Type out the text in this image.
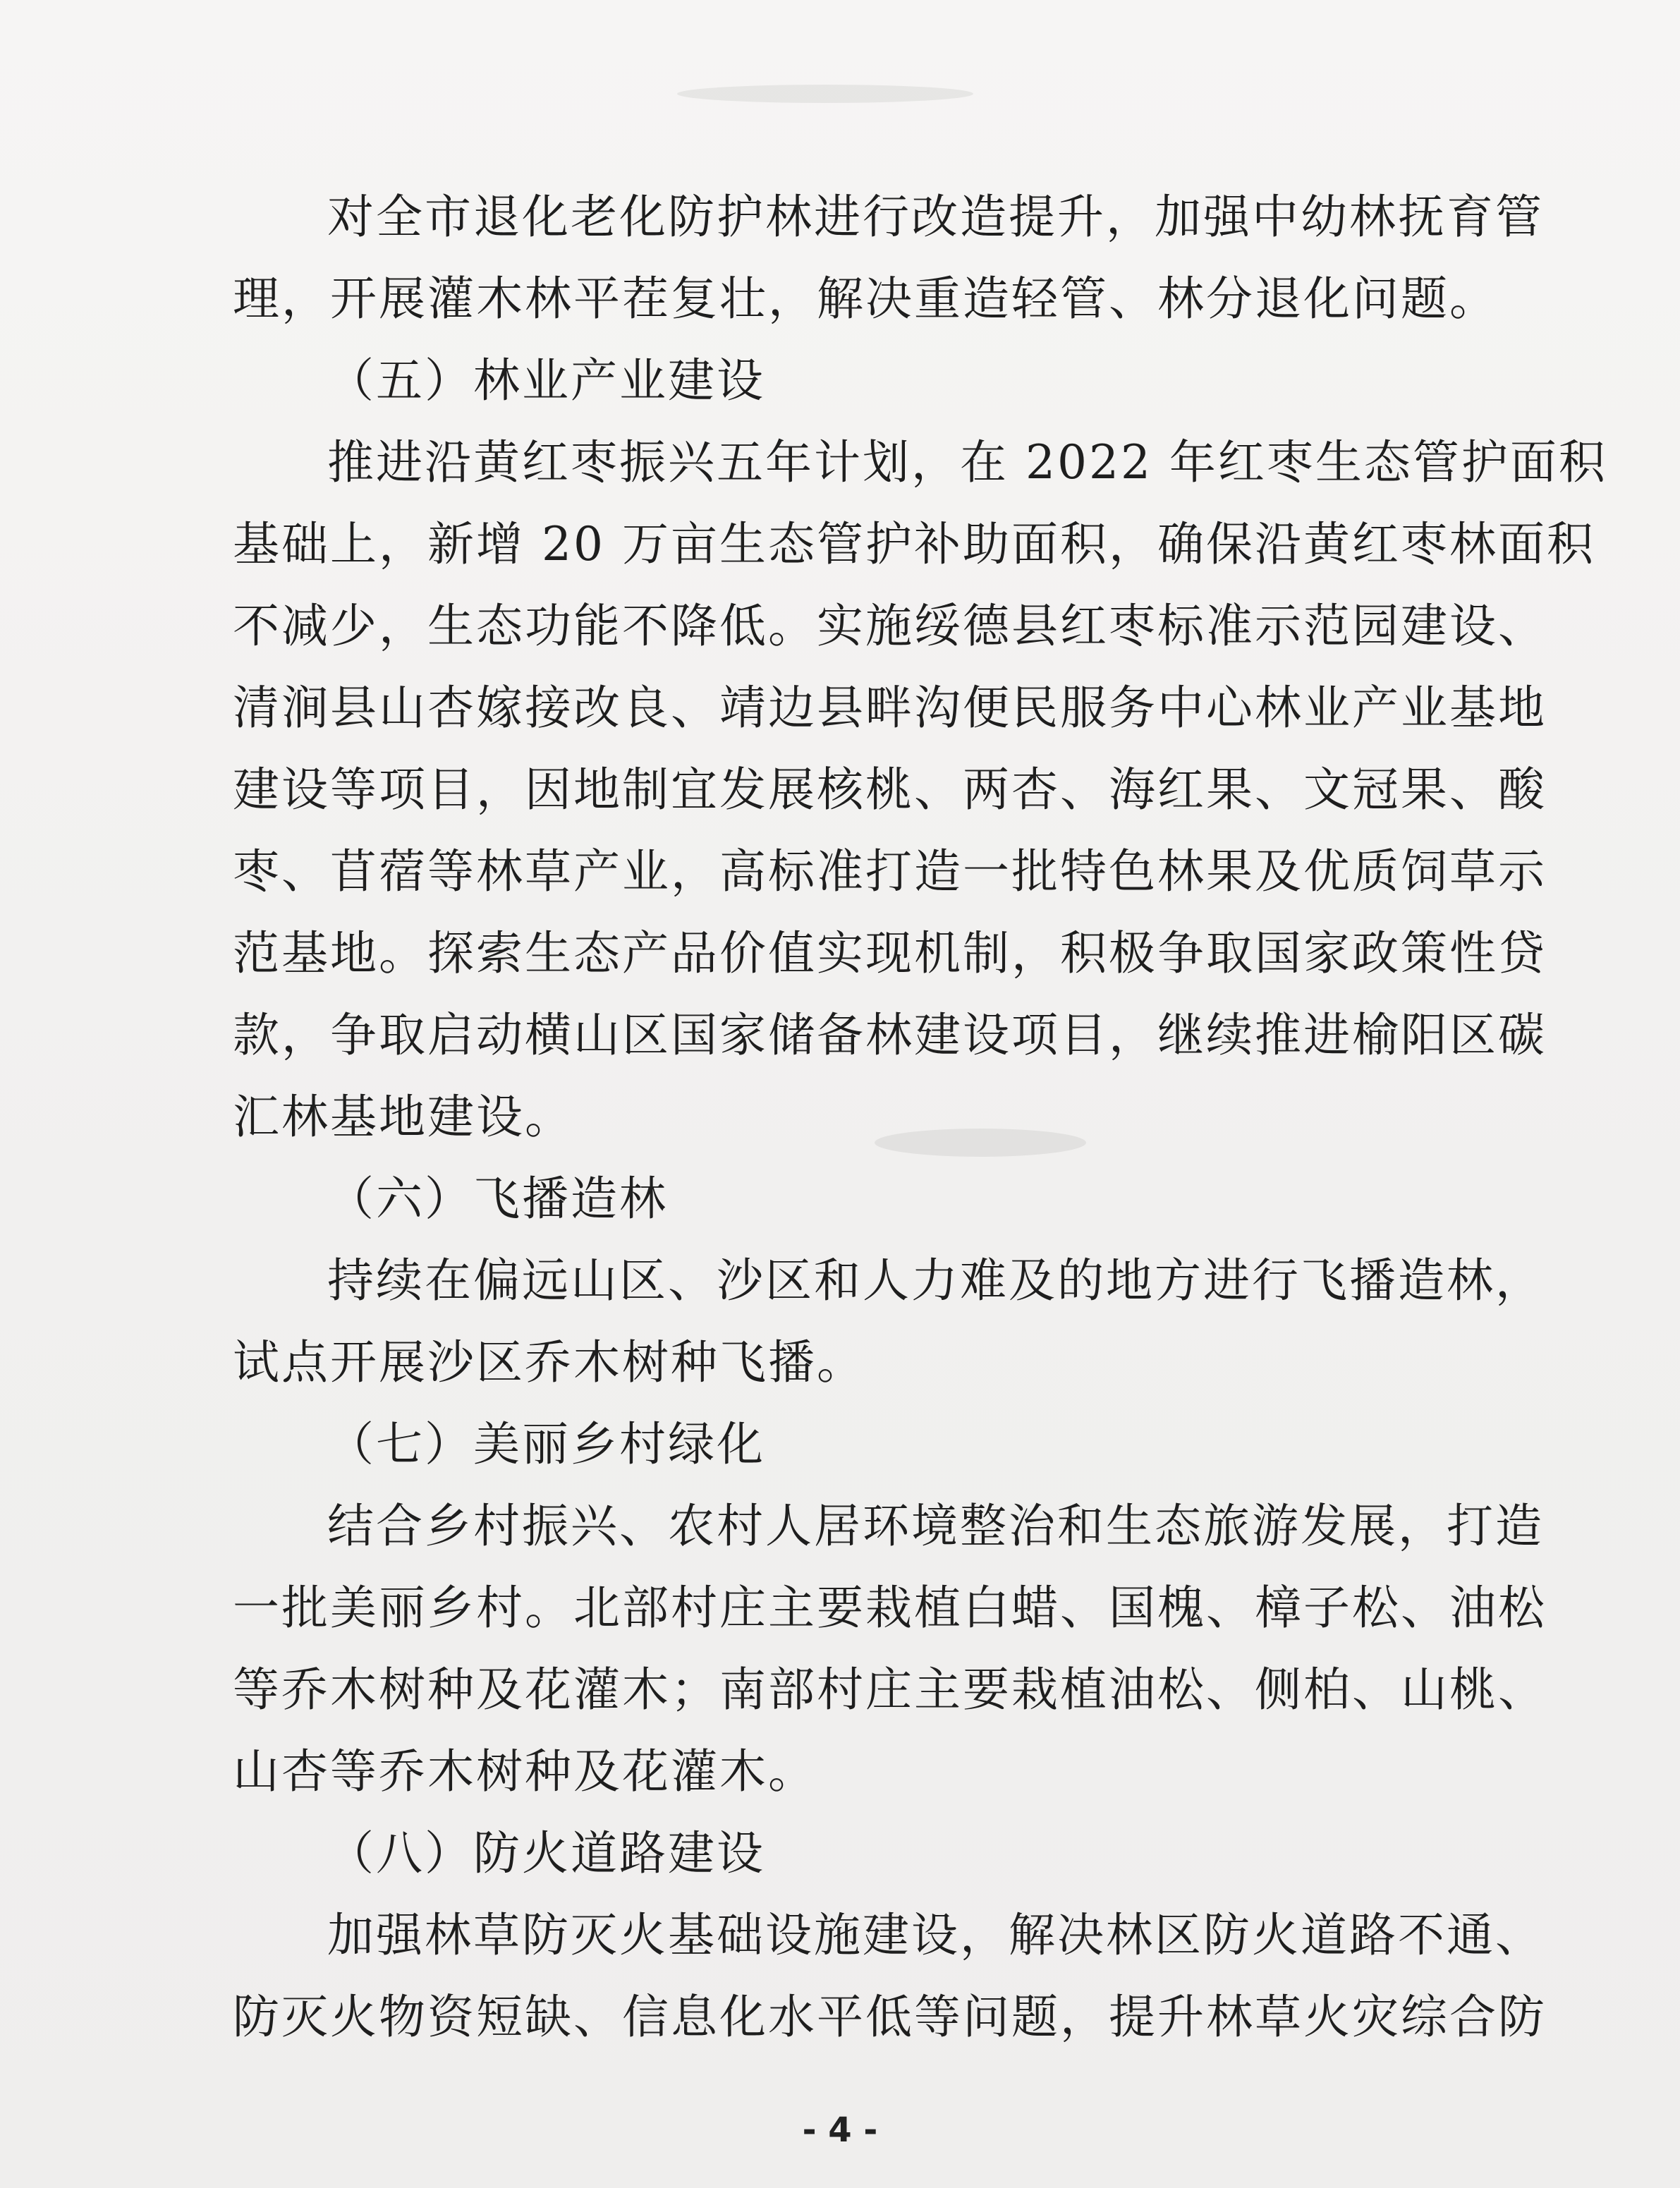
对全市退化老化防护林进行改造提升，加强中幼林抚育管
理，开展灌木林平茬复壮，解决重造轻管、林分退化问题。
（五）林业产业建设
推进沿黄红枣振兴五年计划，在 2022 年红枣生态管护面积
基础上，新增 20 万亩生态管护补助面积，确保沿黄红枣林面积
不减少，生态功能不降低。实施绥德县红枣标准示范园建设、
清涧县山杏嫁接改良、靖边县畔沟便民服务中心林业产业基地
建设等项目，因地制宜发展核桃、两杏、海红果、文冠果、酸
枣、苜蓿等林草产业，高标准打造一批特色林果及优质饲草示
范基地。探索生态产品价值实现机制，积极争取国家政策性贷
款，争取启动横山区国家储备林建设项目，继续推进榆阳区碳
汇林基地建设。
（六）飞播造林
持续在偏远山区、沙区和人力难及的地方进行飞播造林，
试点开展沙区乔木树种飞播。
（七）美丽乡村绿化
结合乡村振兴、农村人居环境整治和生态旅游发展，打造
一批美丽乡村。北部村庄主要栽植白蜡、国槐、樟子松、油松
等乔木树种及花灌木；南部村庄主要栽植油松、侧柏、山桃、
山杏等乔木树种及花灌木。
（八）防火道路建设
加强林草防灭火基础设施建设，解决林区防火道路不通、
防灭火物资短缺、信息化水平低等问题，提升林草火灾综合防
- 4 -
